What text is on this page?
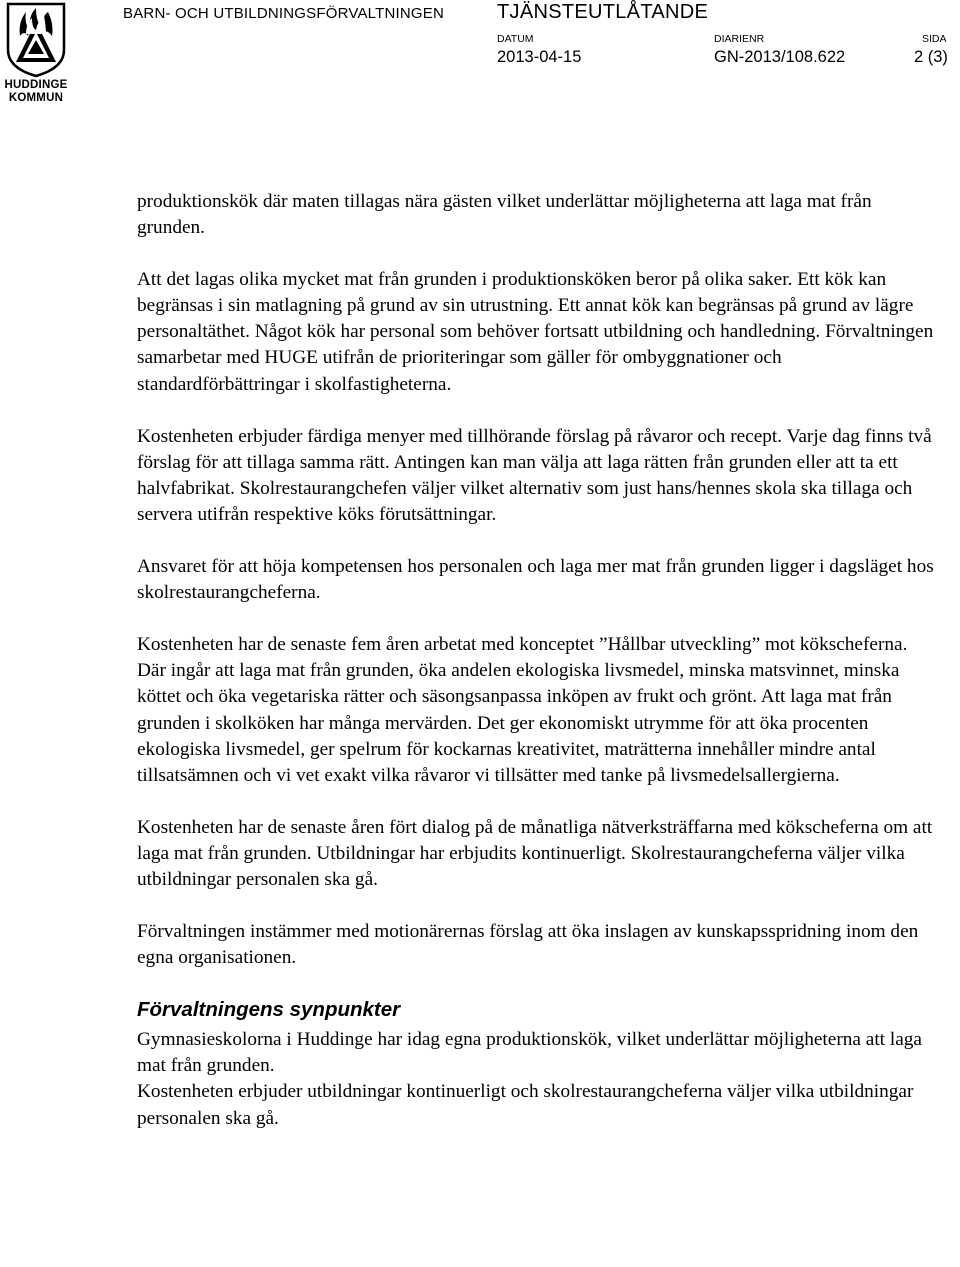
HUDDINGE
KOMMUN
BARN- OCH UTBILDNINGSFÖRVALTNINGEN	TJÄNSTEUTLÅTANDE
DATUM
2013-04-15
DIARIENR
GN-2013/108.622
SIDA
2 (3)

produktionskök där maten tillagas nära gästen vilket underlättar möjligheterna att laga mat från grunden.

Att det lagas olika mycket mat från grunden i produktionsköken beror på olika saker. Ett kök kan begränsas i sin matlagning på grund av sin utrustning. Ett annat kök kan begränsas på grund av lägre personaltäthet. Något kök har personal som behöver fortsatt utbildning och handledning. Förvaltningen samarbetar med HUGE utifrån de prioriteringar som gäller för ombyggnationer och standardförbättringar i skolfastigheterna.

Kostenheten erbjuder färdiga menyer med tillhörande förslag på råvaror och recept. Varje dag finns två förslag för att tillaga samma rätt. Antingen kan man välja att laga rätten från grunden eller att ta ett halvfabrikat. Skolrestaurangchefen väljer vilket alternativ som just hans/hennes skola ska tillaga och servera utifrån respektive köks förutsättningar.

Ansvaret för att höja kompetensen hos personalen och laga mer mat från grunden ligger i dagsläget hos skolrestaurangcheferna.

Kostenheten har de senaste fem åren arbetat med konceptet ”Hållbar utveckling” mot kökscheferna. Där ingår att laga mat från grunden, öka andelen ekologiska livsmedel, minska matsvinnet, minska köttet och öka vegetariska rätter och säsongsanpassa inköpen av frukt och grönt. Att laga mat från grunden i skolköken har många mervärden. Det ger ekonomiskt utrymme för att öka procenten ekologiska livsmedel, ger spelrum för kockarnas kreativitet, maträtterna innehåller mindre antal tillsatsämnen och vi vet exakt vilka råvaror vi tillsätter med tanke på livsmedelsallergierna.

Kostenheten har de senaste åren fört dialog på de månatliga nätverksträffarna med kökscheferna om att laga mat från grunden. Utbildningar har erbjudits kontinuerligt. Skolrestaurangcheferna väljer vilka utbildningar personalen ska gå.

Förvaltningen instämmer med motionärernas förslag att öka inslagen av kunskapsspridning inom den egna organisationen.

Förvaltningens synpunkter

Gymnasieskolorna i Huddinge har idag egna produktionskök, vilket underlättar möjligheterna att laga mat från grunden.

Kostenheten erbjuder utbildningar kontinuerligt och skolrestaurangcheferna väljer vilka utbildningar personalen ska gå.
